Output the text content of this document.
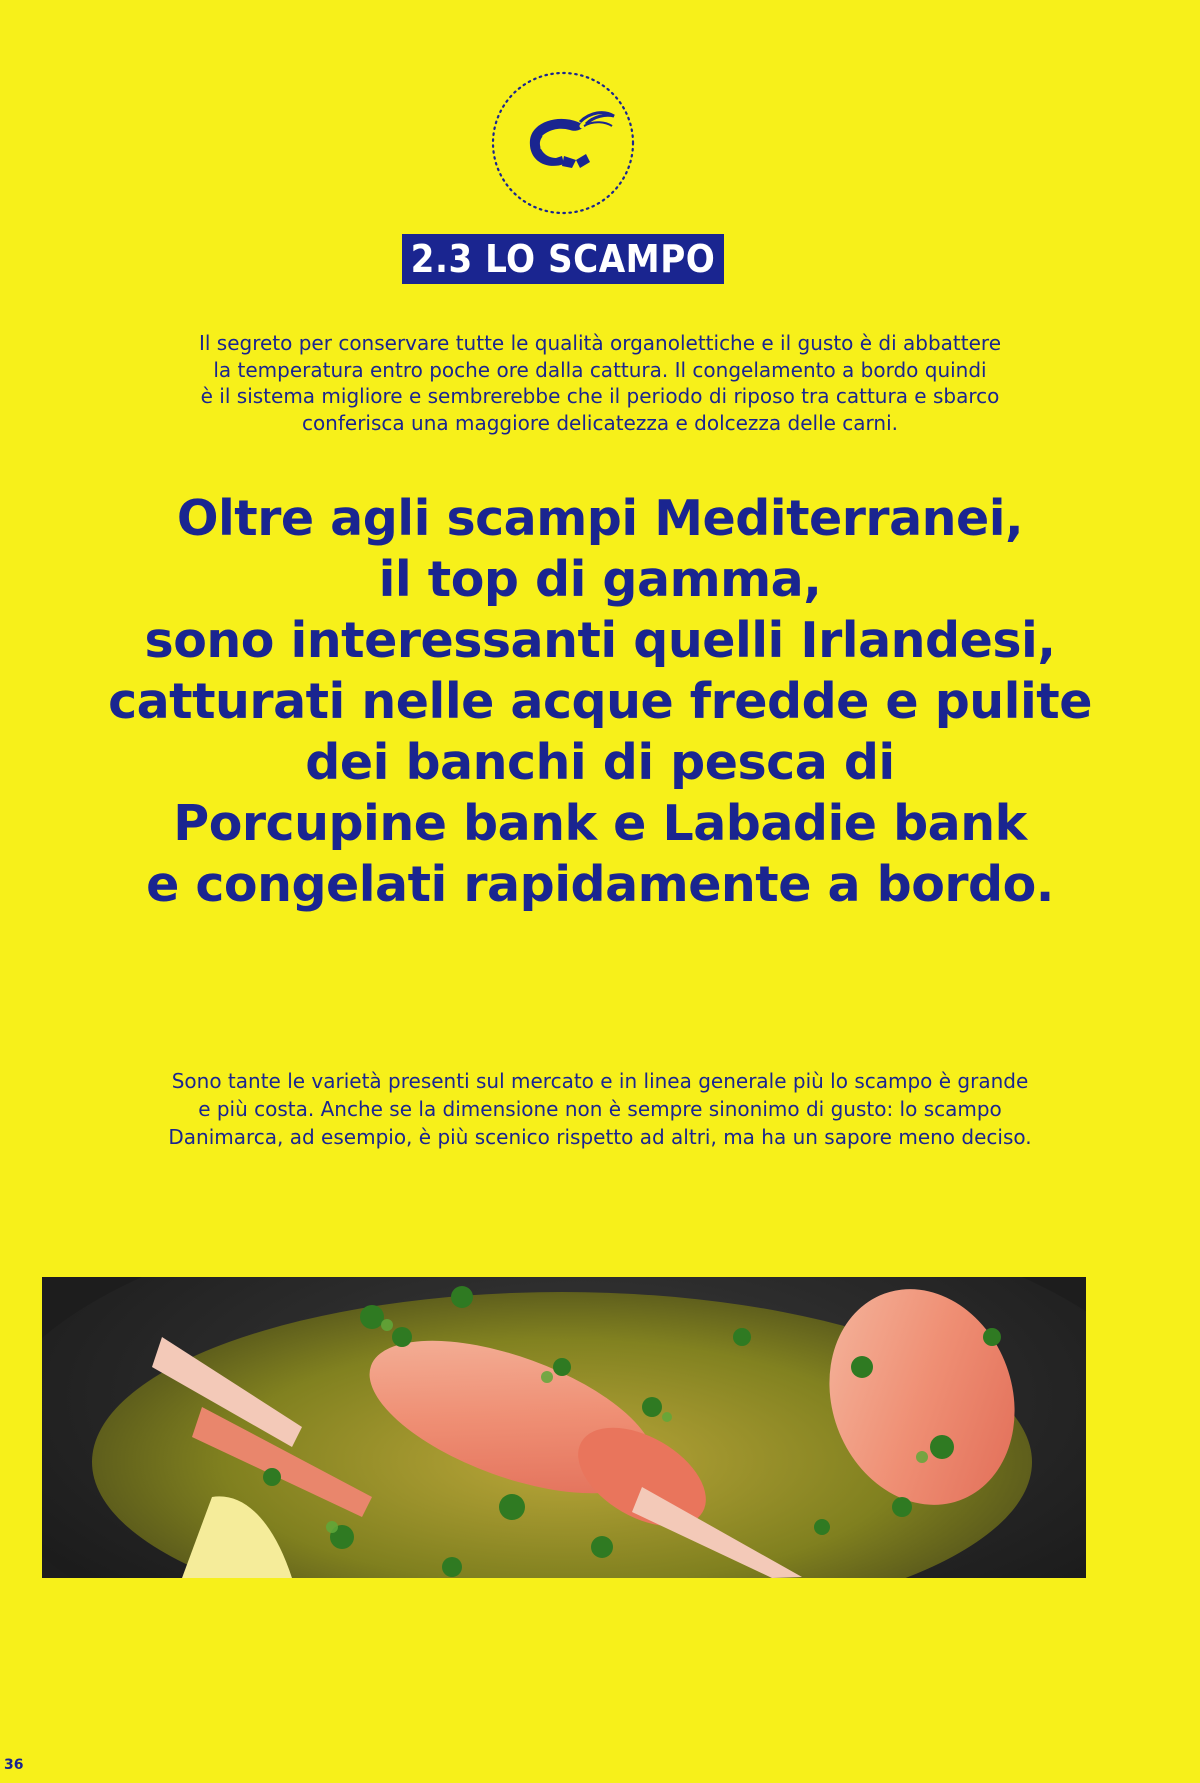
2.3 LO SCAMPO
Il segreto per conservare tutte le qualità organolettiche e il gusto è di abbattere
la temperatura entro poche ore dalla cattura. Il congelamento a bordo quindi
è il sistema migliore e sembrerebbe che il periodo di riposo tra cattura e sbarco
conferisca una maggiore delicatezza e dolcezza delle carni.
Oltre agli scampi Mediterranei,
il top di gamma,
sono interessanti quelli Irlandesi,
catturati nelle acque fredde e pulite
dei banchi di pesca di
Porcupine bank e Labadie bank
e congelati rapidamente a bordo.
Sono tante le varietà presenti sul mercato e in linea generale più lo scampo è grande
e più costa. Anche se la dimensione non è sempre sinonimo di gusto: lo scampo
Danimarca, ad esempio, è più scenico rispetto ad altri, ma ha un sapore meno deciso.
36
